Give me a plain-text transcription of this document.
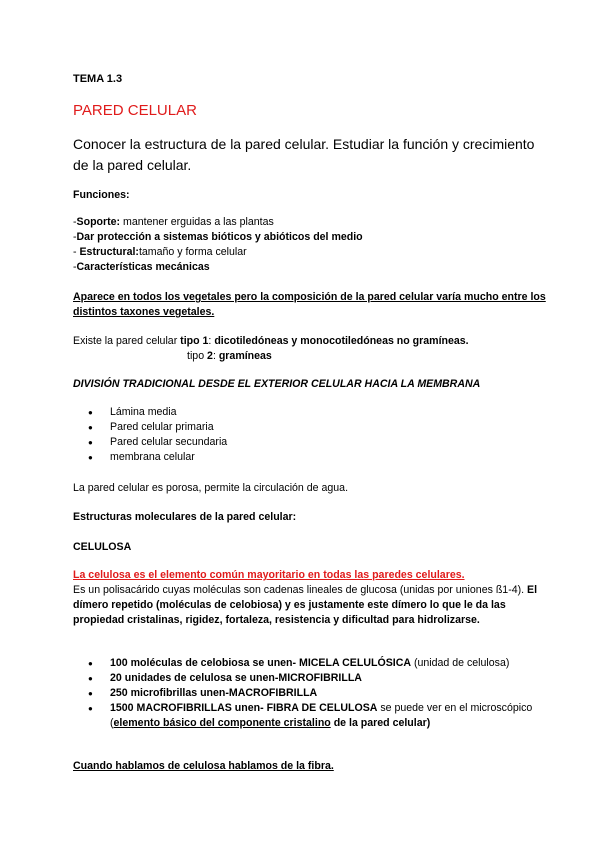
TEMA 1.3
PARED CELULAR
Conocer la estructura de la pared celular. Estudiar la función y crecimiento de la pared celular.
Funciones:
-Soporte: mantener erguidas a las plantas
-Dar protección a sistemas bióticos y abióticos del medio
- Estructural:tamaño y forma celular
-Características mecánicas
Aparece en todos los vegetales pero la composición de la pared celular varía mucho entre los distintos taxones vegetales.
Existe la pared celular tipo 1: dicotiledóneas y monocotiledóneas no gramíneas.
tipo 2: gramíneas
DIVISIÓN TRADICIONAL DESDE EL EXTERIOR CELULAR HACIA LA MEMBRANA
● Lámina media
● Pared celular primaria
● Pared celular secundaria
● membrana celular
La pared celular es porosa, permite la circulación de agua.
Estructuras moleculares de la pared celular:
CELULOSA
La celulosa es el elemento común mayoritario en todas las paredes celulares.
Es un polisacárido cuyas moléculas son cadenas lineales de glucosa (unidas por uniones ß1-4). El dímero repetido (moléculas de celobiosa) y es justamente este dímero lo que le da las propiedad cristalinas, rigidez, fortaleza, resistencia y dificultad para hidrolizarse.
● 100 moléculas de celobiosa se unen- MICELA CELULÓSICA (unidad de celulosa)
● 20 unidades de celulosa se unen-MICROFIBRILLA
● 250 microfibrillas unen-MACROFIBRILLA
● 1500 MACROFIBRILLAS unen- FIBRA DE CELULOSA se puede ver en el microscópico (elemento básico del componente cristalino de la pared celular)
Cuando hablamos de celulosa hablamos de la fibra.
